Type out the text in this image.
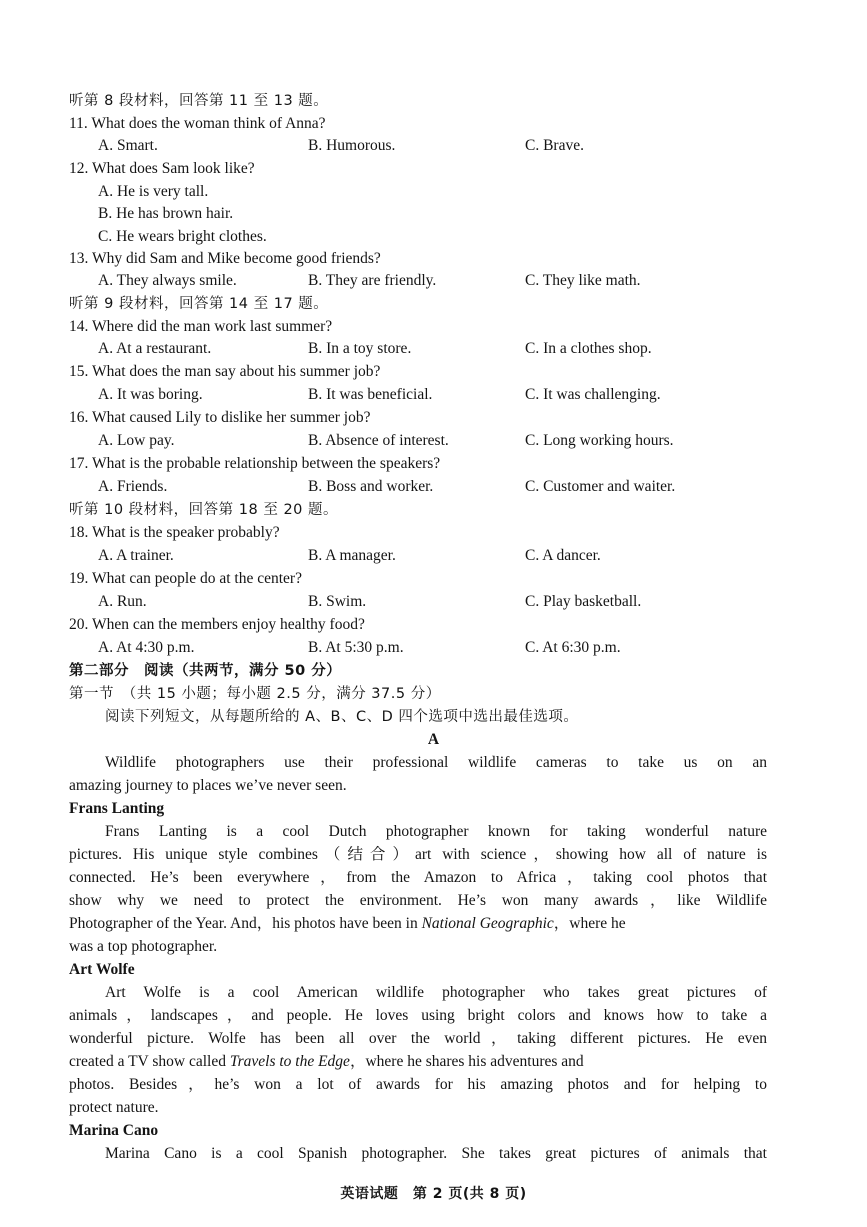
听第 8 段材料，回答第 11 至 13 题。
11. What does the woman think of Anna?
A. Smart.	B. Humorous.	C. Brave.
12. What does Sam look like?
A. He is very tall.
B. He has brown hair.
C. He wears bright clothes.
13. Why did Sam and Mike become good friends?
A. They always smile.	B. They are friendly.	C. They like math.
听第 9 段材料，回答第 14 至 17 题。
14. Where did the man work last summer?
A. At a restaurant.	B. In a toy store.	C. In a clothes shop.
15. What does the man say about his summer job?
A. It was boring.	B. It was beneficial.	C. It was challenging.
16. What caused Lily to dislike her summer job?
A. Low pay.	B. Absence of interest.	C. Long working hours.
17. What is the probable relationship between the speakers?
A. Friends.	B. Boss and worker.	C. Customer and waiter.
听第 10 段材料，回答第 18 至 20 题。
18. What is the speaker probably?
A. A trainer.	B. A manager.	C. A dancer.
19. What can people do at the center?
A. Run.	B. Swim.	C. Play basketball.
20. When can the members enjoy healthy food?
A. At 4:30 p.m.	B. At 5:30 p.m.	C. At 6:30 p.m.
第二部分　阅读（共两节，满分 50 分）
第一节　（共 15 小题；每小题 2.5 分，满分 37.5 分）
阅读下列短文，从每题所给的 A、B、C、D 四个选项中选出最佳选项。
A
Wildlife photographers use their professional wildlife cameras to take us on an
amazing journey to places we’ve never seen.
Frans Lanting
Frans Lanting is a cool Dutch photographer known for taking wonderful nature
pictures. His unique style combines（结合）art with science，showing how all of nature is
connected. He’s been everywhere，from the Amazon to Africa，taking cool photos that
show why we need to protect the environment. He’s won many awards，like Wildlife
Photographer of the Year. And，his photos have been in National Geographic，where he
was a top photographer.
Art Wolfe
Art Wolfe is a cool American wildlife photographer who takes great pictures of
animals，landscapes，and people. He loves using bright colors and knows how to take a
wonderful picture. Wolfe has been all over the world，taking different pictures. He even
created a TV show called Travels to the Edge，where he shares his adventures and
photos. Besides，he’s won a lot of awards for his amazing photos and for helping to
protect nature.
Marina Cano
Marina Cano is a cool Spanish photographer. She takes great pictures of animals that
英语试题　第 2 页(共 8 页)
